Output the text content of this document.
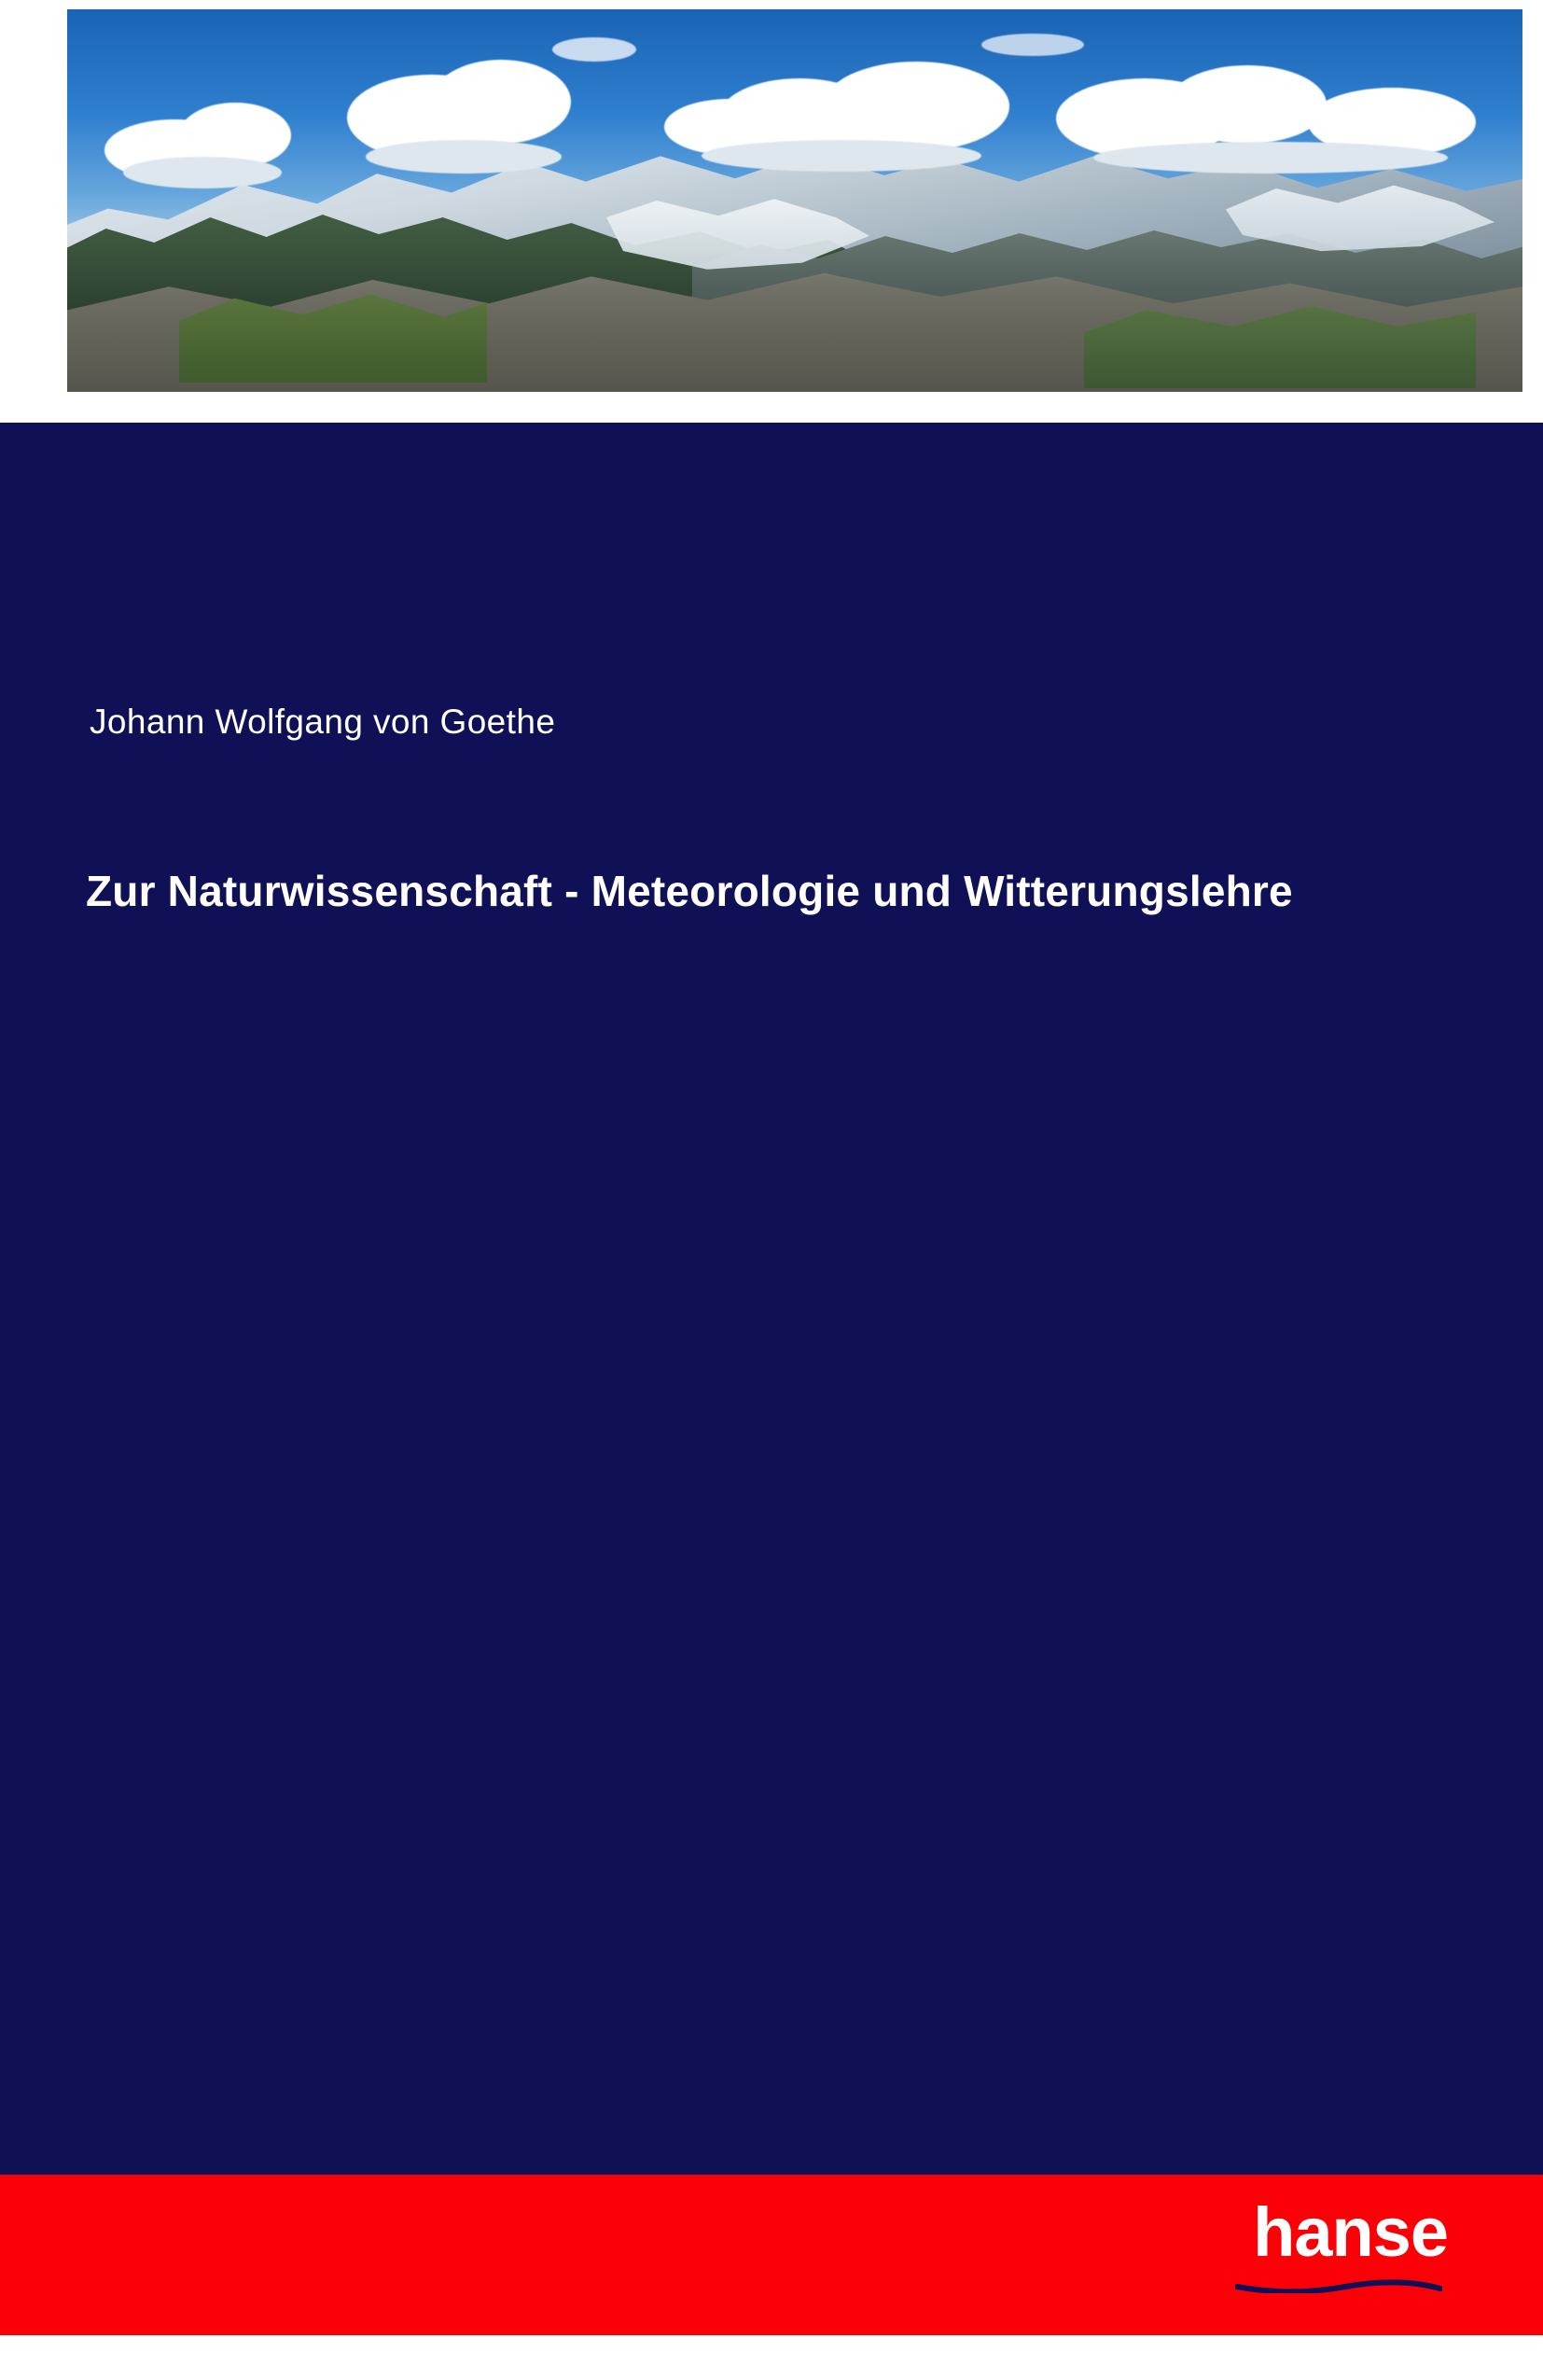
Johann Wolfgang von Goethe
Zur Naturwissenschaft - Meteorologie und Witterungslehre
hanse
